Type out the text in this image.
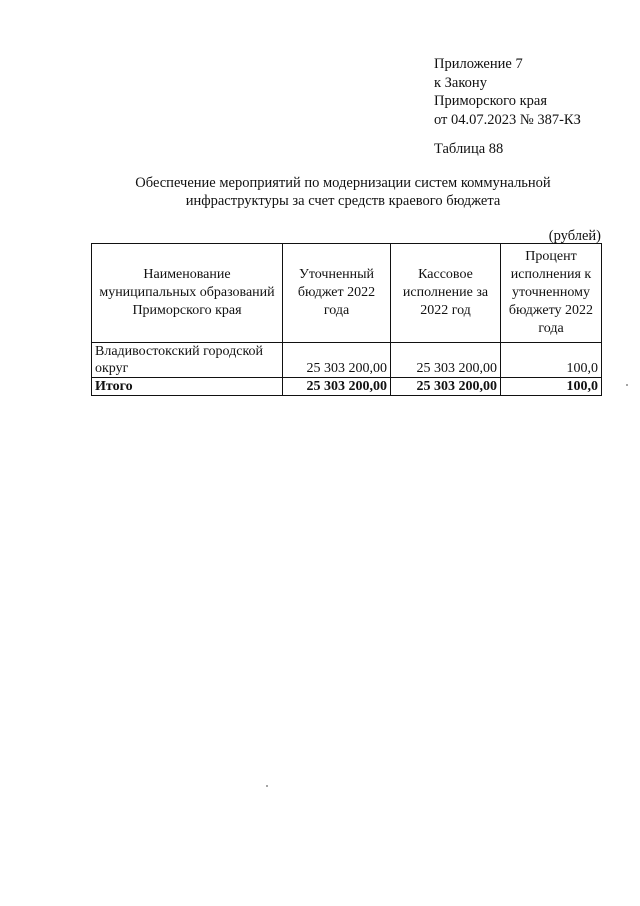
Приложение 7
к Закону
Приморского края
от 04.07.2023 № 387-КЗ
Таблица 88
Обеспечение мероприятий по модернизации систем коммунальной инфраструктуры за счет средств краевого бюджета
(рублей)
Наименование муниципальных образований Приморского края	Уточненный бюджет 2022 года	Кассовое исполнение за 2022 год	Процент исполнения к уточненному бюджету 2022 года
Владивостокский городской округ	25 303 200,00	25 303 200,00	100,0
Итого	25 303 200,00	25 303 200,00	100,0
